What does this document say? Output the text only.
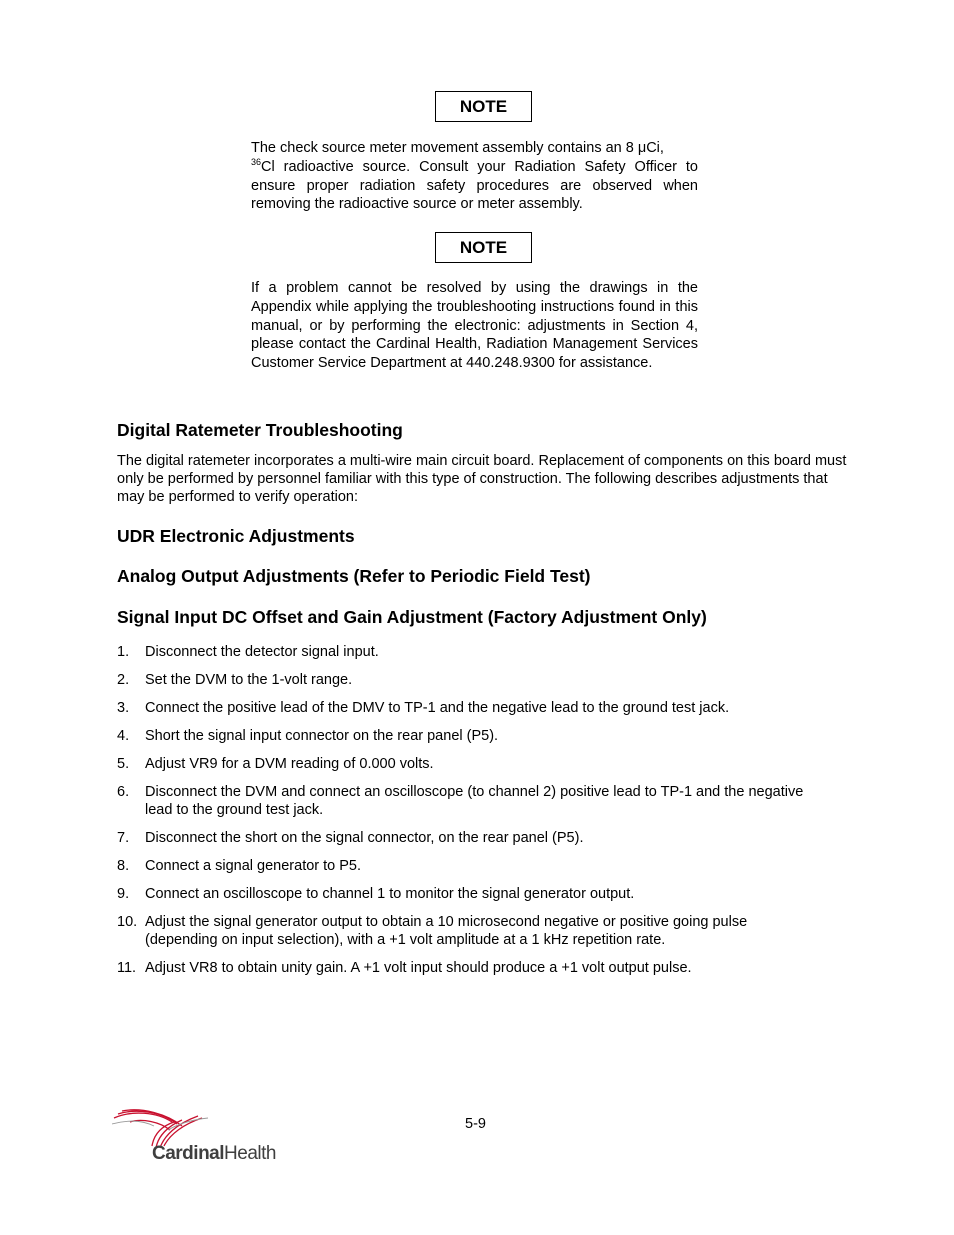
NOTE
The check source meter movement assembly contains an 8 μCi,
$^{36}$Cl radioactive source. Consult your Radiation Safety Officer to ensure proper radiation safety procedures are observed when removing the radioactive source or meter assembly.
NOTE
If a problem cannot be resolved by using the drawings in the Appendix while applying the troubleshooting instructions found in this manual, or by performing the electronic: adjustments in Section 4, please contact the Cardinal Health, Radiation Management Services Customer Service Department at 440.248.9300 for assistance.
Digital Ratemeter Troubleshooting

The digital ratemeter incorporates a multi-wire main circuit board. Replacement of components on this board must only be performed by personnel familiar with this type of construction. The following describes adjustments that may be performed to verify operation:

UDR Electronic Adjustments
Analog Output Adjustments (Refer to Periodic Field Test)
Signal Input DC Offset and Gain Adjustment (Factory Adjustment Only)
1. Disconnect the detector signal input.
2. Set the DVM to the 1-volt range.
3. Connect the positive lead of the DMV to TP-1 and the negative lead to the ground test jack.
4. Short the signal input connector on the rear panel (P5).
5. Adjust VR9 for a DVM reading of 0.000 volts.
6. Disconnect the DVM and connect an oscilloscope (to channel 2) positive lead to TP-1 and the negative lead to the ground test jack.
7. Disconnect the short on the signal connector, on the rear panel (P5).
8. Connect a signal generator to P5.
9. Connect an oscilloscope to channel 1 to monitor the signal generator output.
10. Adjust the signal generator output to obtain a 10 microsecond negative or positive going pulse (depending on input selection), with a +1 volt amplitude at a 1 kHz repetition rate.
11. Adjust VR8 to obtain unity gain. A +1 volt input should produce a +1 volt output pulse.
5-9
CardinalHealth
